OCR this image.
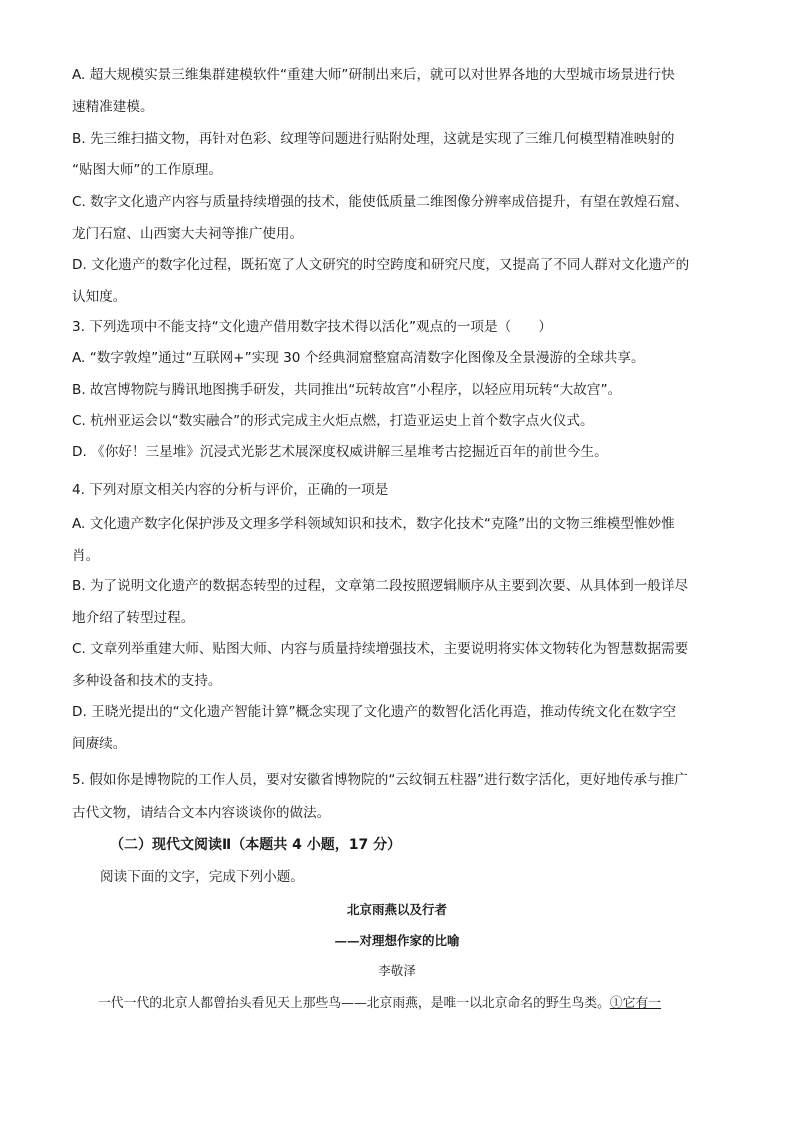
A. 超大规模实景三维集群建模软件“重建大师”研制出来后，就可以对世界各地的大型城市场景进行快
速精准建模。
B. 先三维扫描文物，再针对色彩、纹理等问题进行贴附处理，这就是实现了三维几何模型精准映射的
“贴图大师”的工作原理。
C. 数字文化遗产内容与质量持续增强的技术，能使低质量二维图像分辨率成倍提升，有望在敦煌石窟、
龙门石窟、山西窦大夫祠等推广使用。
D. 文化遗产的数字化过程，既拓宽了人文研究的时空跨度和研究尺度，又提高了不同人群对文化遗产的
认知度。
3. 下列选项中不能支持“文化遗产借用数字技术得以活化”观点的一项是（　　）
A. “数字敦煌”通过“互联网+”实现 30 个经典洞窟整窟高清数字化图像及全景漫游的全球共享。
B. 故宫博物院与腾讯地图携手研发，共同推出“玩转故宫”小程序，以轻应用玩转“大故宫”。
C. 杭州亚运会以“数实融合”的形式完成主火炬点燃，打造亚运史上首个数字点火仪式。
D. 《你好！三星堆》沉浸式光影艺术展深度权威讲解三星堆考古挖掘近百年的前世今生。
4. 下列对原文相关内容的分析与评价，正确的一项是
A. 文化遗产数字化保护涉及文理多学科领域知识和技术，数字化技术“克隆”出的文物三维模型惟妙惟
肖。
B. 为了说明文化遗产的数据态转型的过程，文章第二段按照逻辑顺序从主要到次要、从具体到一般详尽
地介绍了转型过程。
C. 文章列举重建大师、贴图大师、内容与质量持续增强技术，主要说明将实体文物转化为智慧数据需要
多种设备和技术的支持。
D. 王晓光提出的“文化遗产智能计算”概念实现了文化遗产的数智化活化再造，推动传统文化在数字空
间赓续。
5. 假如你是博物院的工作人员，要对安徽省博物院的“云纹铜五柱器”进行数字活化，更好地传承与推广
古代文物，请结合文本内容谈谈你的做法。
（二）现代文阅读Ⅱ（本题共 4 小题，17 分）
阅读下面的文字，完成下列小题。
北京雨燕以及行者
——对理想作家的比喻
李敬泽
一代一代的北京人都曾抬头看见天上那些鸟——北京雨燕，是唯一以北京命名的野生鸟类。①它有一
